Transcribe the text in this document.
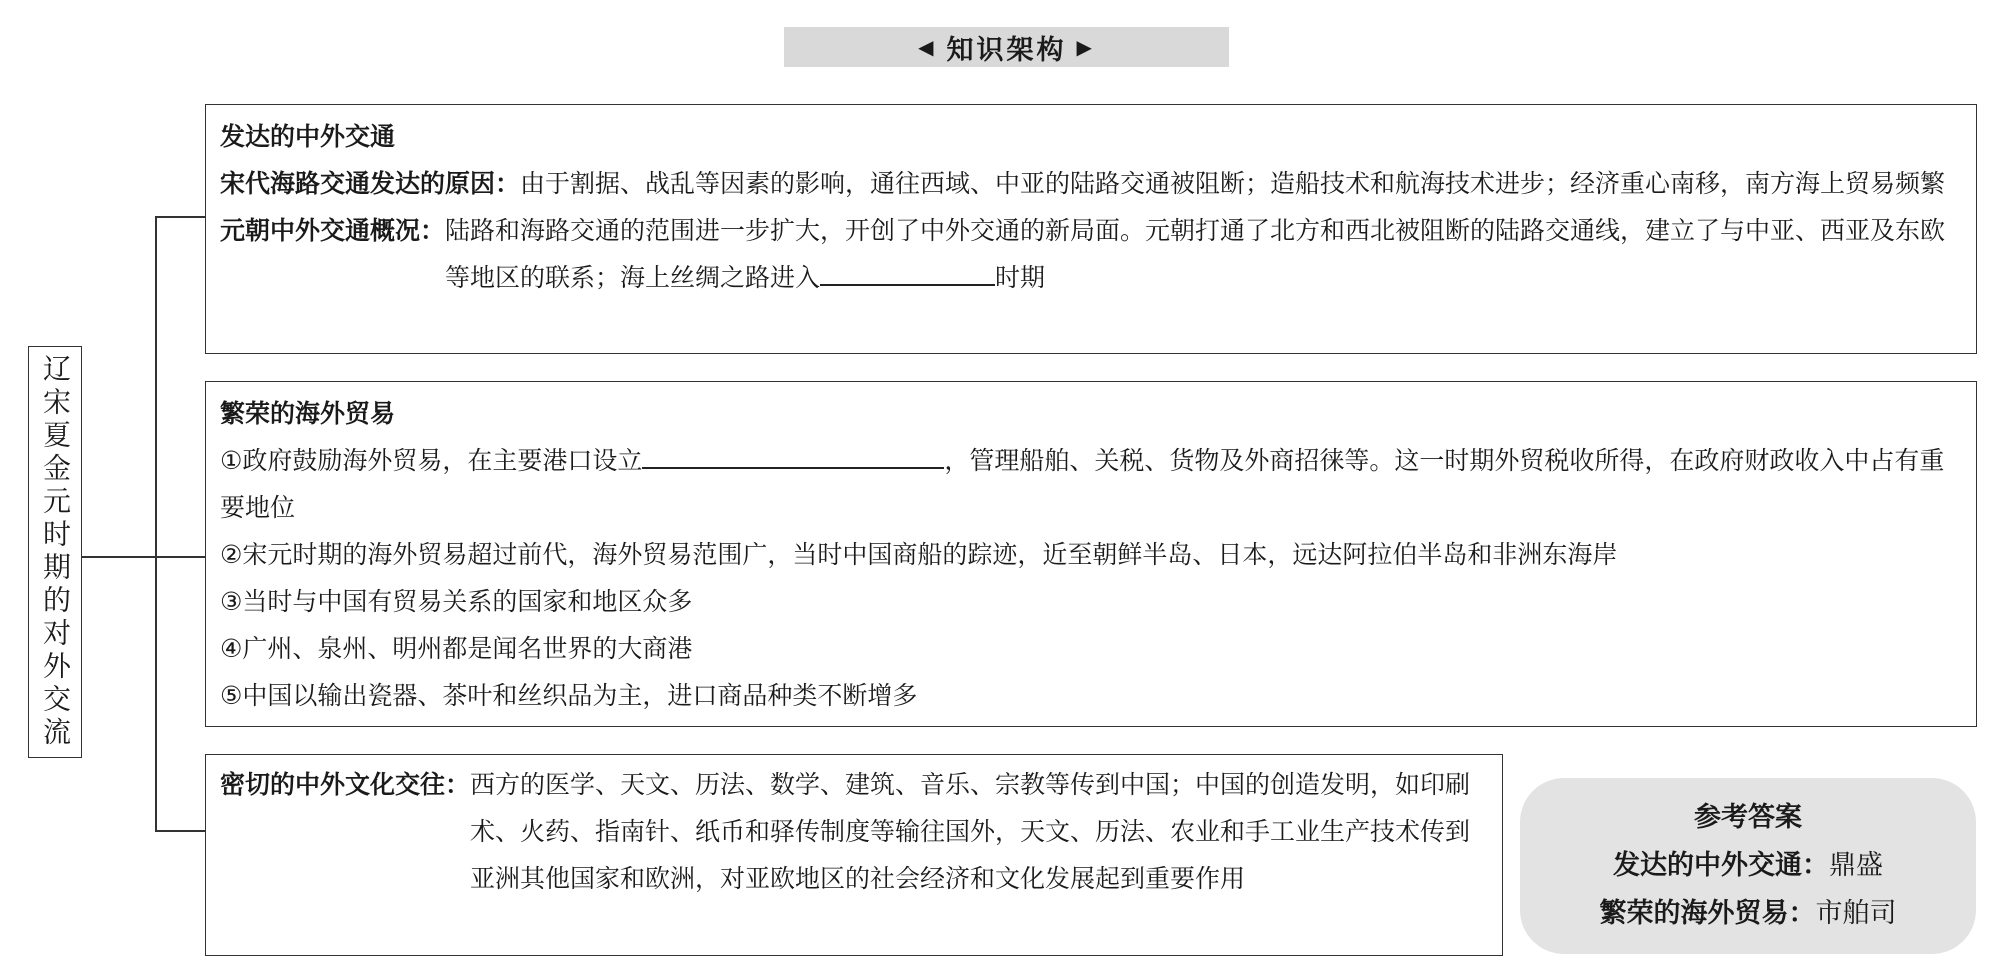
◀ 知识架构 ▶
辽宋夏金元时期的对外交流
发达的中外交通
宋代海路交通发达的原因： 由于割据、战乱等因素的影响，通往西域、中亚的陆路交通被阻断；造船技术和航海技术进步；经济重心南移，南方海上贸易频繁
元朝中外交通概况： 陆路和海路交通的范围进一步扩大，开创了中外交通的新局面。元朝打通了北方和西北被阻断的陆路交通线，建立了与中亚、西亚及东欧等地区的联系；海上丝绸之路进入	时期
繁荣的海外贸易
①政府鼓励海外贸易，在主要港口设立	，管理船舶、关税、货物及外商招徕等。这一时期外贸税收所得，在政府财政收入中占有重要地位
②宋元时期的海外贸易超过前代，海外贸易范围广，当时中国商船的踪迹，近至朝鲜半岛、日本，远达阿拉伯半岛和非洲东海岸
③当时与中国有贸易关系的国家和地区众多
④广州、泉州、明州都是闻名世界的大商港
⑤中国以输出瓷器、茶叶和丝织品为主，进口商品种类不断增多
密切的中外文化交往： 西方的医学、天文、历法、数学、建筑、音乐、宗教等传到中国；中国的创造发明，如印刷术、火药、指南针、纸币和驿传制度等输往国外，天文、历法、农业和手工业生产技术传到亚洲其他国家和欧洲，对亚欧地区的社会经济和文化发展起到重要作用
参考答案
发达的中外交通：鼎盛
繁荣的海外贸易：市舶司
